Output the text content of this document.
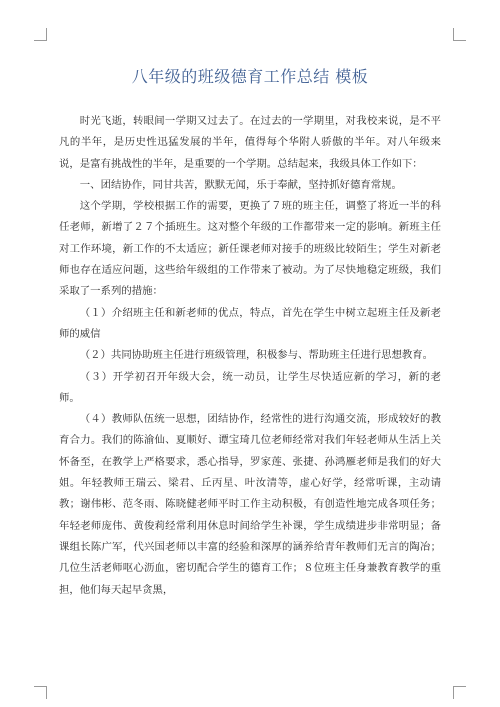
八年级的班级德育工作总结 模板

时光飞逝，转眼间一学期又过去了。在过去的一学期里，对我校来说，是不平凡的半年，是历史性迅猛发展的半年，值得每个华附人骄傲的半年。对八年级来说，是富有挑战性的半年，是重要的一个学期。总结起来，我级具体工作如下：

一、团结协作，同甘共苦，默默无闻，乐于奉献，坚持抓好德育常规。

这个学期，学校根据工作的需要，更换了７班的班主任，调整了将近一半的科任老师，新增了２７个插班生。这对整个年级的工作都带来一定的影响。新班主任对工作环境，新工作的不太适应；新任课老师对接手的班级比较陌生；学生对新老师也存在适应问题，这些给年级组的工作带来了被动。为了尽快地稳定班级，我们采取了一系列的措施：

（１）介绍班主任和新老师的优点，特点，首先在学生中树立起班主任及新老师的威信

（２）共同协助班主任进行班级管理，积极参与、帮助班主任进行思想教育。

（３）开学初召开年级大会，统一动员，让学生尽快适应新的学习，新的老师。

（４）教师队伍统一思想，团结协作，经常性的进行沟通交流，形成较好的教育合力。我们的陈渝仙、夏顺好、谭宝琦几位老师经常对我们年轻老师从生活上关怀备至，在教学上严格要求，悉心指导，罗家莲、张捷、孙鸿雁老师是我们的好大姐。年轻教师王瑞云、梁君、丘丙星、叶汝清等，虚心好学，经常听课，主动请教；谢伟彬、范冬雨、陈晓健老师平时工作主动积极，有创造性地完成各项任务；年轻老师庞伟、黄俊莉经常利用休息时间给学生补课，学生成绩进步非常明显；备课组长陈广军，代兴国老师以丰富的经验和深厚的涵养给青年教师们无言的陶冶；几位生活老师呕心沥血，密切配合学生的德育工作；８位班主任身兼教育教学的重担，他们每天起早贪黑，
